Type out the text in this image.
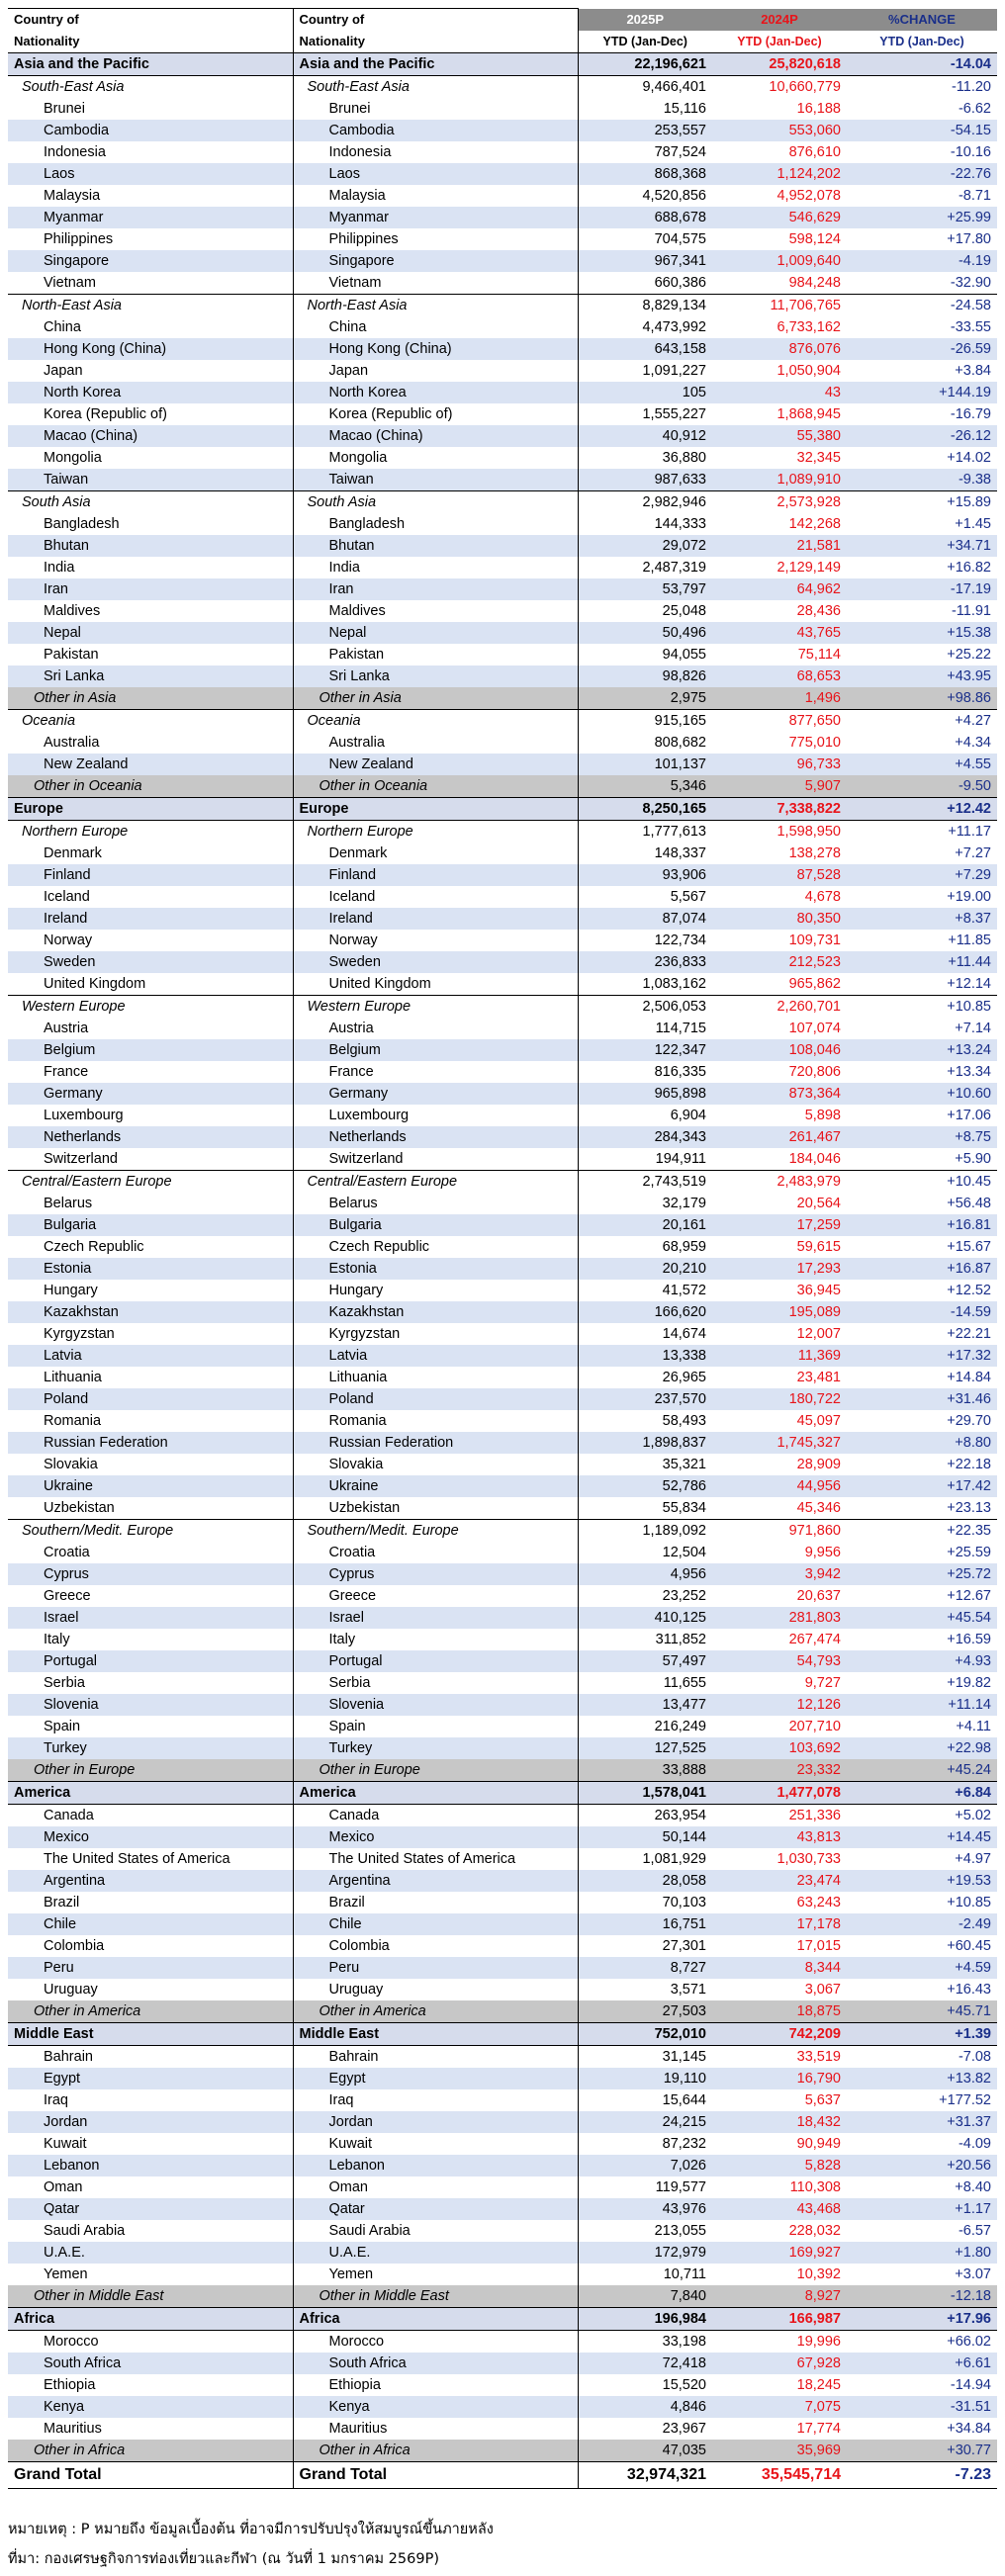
Country of	Country of	2025P	2024P	%CHANGE
Nationality	Nationality	YTD (Jan-Dec)	YTD (Jan-Dec)	YTD (Jan-Dec)
Asia and the Pacific	Asia and the Pacific	22,196,621	25,820,618	-14.04
South-East Asia	South-East Asia	9,466,401	10,660,779	-11.20
Brunei	Brunei	15,116	16,188	-6.62
Cambodia	Cambodia	253,557	553,060	-54.15
Indonesia	Indonesia	787,524	876,610	-10.16
Laos	Laos	868,368	1,124,202	-22.76
Malaysia	Malaysia	4,520,856	4,952,078	-8.71
Myanmar	Myanmar	688,678	546,629	+25.99
Philippines	Philippines	704,575	598,124	+17.80
Singapore	Singapore	967,341	1,009,640	-4.19
Vietnam	Vietnam	660,386	984,248	-32.90
North-East Asia	North-East Asia	8,829,134	11,706,765	-24.58
China	China	4,473,992	6,733,162	-33.55
Hong Kong (China)	Hong Kong (China)	643,158	876,076	-26.59
Japan	Japan	1,091,227	1,050,904	+3.84
North Korea	North Korea	105	43	+144.19
Korea (Republic of)	Korea (Republic of)	1,555,227	1,868,945	-16.79
Macao (China)	Macao (China)	40,912	55,380	-26.12
Mongolia	Mongolia	36,880	32,345	+14.02
Taiwan	Taiwan	987,633	1,089,910	-9.38
South Asia	South Asia	2,982,946	2,573,928	+15.89
Bangladesh	Bangladesh	144,333	142,268	+1.45
Bhutan	Bhutan	29,072	21,581	+34.71
India	India	2,487,319	2,129,149	+16.82
Iran	Iran	53,797	64,962	-17.19
Maldives	Maldives	25,048	28,436	-11.91
Nepal	Nepal	50,496	43,765	+15.38
Pakistan	Pakistan	94,055	75,114	+25.22
Sri Lanka	Sri Lanka	98,826	68,653	+43.95
Other in Asia	Other in Asia	2,975	1,496	+98.86
Oceania	Oceania	915,165	877,650	+4.27
Australia	Australia	808,682	775,010	+4.34
New Zealand	New Zealand	101,137	96,733	+4.55
Other in Oceania	Other in Oceania	5,346	5,907	-9.50
Europe	Europe	8,250,165	7,338,822	+12.42
Northern Europe	Northern Europe	1,777,613	1,598,950	+11.17
Denmark	Denmark	148,337	138,278	+7.27
Finland	Finland	93,906	87,528	+7.29
Iceland	Iceland	5,567	4,678	+19.00
Ireland	Ireland	87,074	80,350	+8.37
Norway	Norway	122,734	109,731	+11.85
Sweden	Sweden	236,833	212,523	+11.44
United Kingdom	United Kingdom	1,083,162	965,862	+12.14
Western Europe	Western Europe	2,506,053	2,260,701	+10.85
Austria	Austria	114,715	107,074	+7.14
Belgium	Belgium	122,347	108,046	+13.24
France	France	816,335	720,806	+13.34
Germany	Germany	965,898	873,364	+10.60
Luxembourg	Luxembourg	6,904	5,898	+17.06
Netherlands	Netherlands	284,343	261,467	+8.75
Switzerland	Switzerland	194,911	184,046	+5.90
Central/Eastern Europe	Central/Eastern Europe	2,743,519	2,483,979	+10.45
Belarus	Belarus	32,179	20,564	+56.48
Bulgaria	Bulgaria	20,161	17,259	+16.81
Czech Republic	Czech Republic	68,959	59,615	+15.67
Estonia	Estonia	20,210	17,293	+16.87
Hungary	Hungary	41,572	36,945	+12.52
Kazakhstan	Kazakhstan	166,620	195,089	-14.59
Kyrgyzstan	Kyrgyzstan	14,674	12,007	+22.21
Latvia	Latvia	13,338	11,369	+17.32
Lithuania	Lithuania	26,965	23,481	+14.84
Poland	Poland	237,570	180,722	+31.46
Romania	Romania	58,493	45,097	+29.70
Russian Federation	Russian Federation	1,898,837	1,745,327	+8.80
Slovakia	Slovakia	35,321	28,909	+22.18
Ukraine	Ukraine	52,786	44,956	+17.42
Uzbekistan	Uzbekistan	55,834	45,346	+23.13
Southern/Medit. Europe	Southern/Medit. Europe	1,189,092	971,860	+22.35
Croatia	Croatia	12,504	9,956	+25.59
Cyprus	Cyprus	4,956	3,942	+25.72
Greece	Greece	23,252	20,637	+12.67
Israel	Israel	410,125	281,803	+45.54
Italy	Italy	311,852	267,474	+16.59
Portugal	Portugal	57,497	54,793	+4.93
Serbia	Serbia	11,655	9,727	+19.82
Slovenia	Slovenia	13,477	12,126	+11.14
Spain	Spain	216,249	207,710	+4.11
Turkey	Turkey	127,525	103,692	+22.98
Other in Europe	Other in Europe	33,888	23,332	+45.24
America	America	1,578,041	1,477,078	+6.84
Canada	Canada	263,954	251,336	+5.02
Mexico	Mexico	50,144	43,813	+14.45
The United States of America	The United States of America	1,081,929	1,030,733	+4.97
Argentina	Argentina	28,058	23,474	+19.53
Brazil	Brazil	70,103	63,243	+10.85
Chile	Chile	16,751	17,178	-2.49
Colombia	Colombia	27,301	17,015	+60.45
Peru	Peru	8,727	8,344	+4.59
Uruguay	Uruguay	3,571	3,067	+16.43
Other in America	Other in America	27,503	18,875	+45.71
Middle East	Middle East	752,010	742,209	+1.39
Bahrain	Bahrain	31,145	33,519	-7.08
Egypt	Egypt	19,110	16,790	+13.82
Iraq	Iraq	15,644	5,637	+177.52
Jordan	Jordan	24,215	18,432	+31.37
Kuwait	Kuwait	87,232	90,949	-4.09
Lebanon	Lebanon	7,026	5,828	+20.56
Oman	Oman	119,577	110,308	+8.40
Qatar	Qatar	43,976	43,468	+1.17
Saudi Arabia	Saudi Arabia	213,055	228,032	-6.57
U.A.E.	U.A.E.	172,979	169,927	+1.80
Yemen	Yemen	10,711	10,392	+3.07
Other in Middle East	Other in Middle East	7,840	8,927	-12.18
Africa	Africa	196,984	166,987	+17.96
Morocco	Morocco	33,198	19,996	+66.02
South Africa	South Africa	72,418	67,928	+6.61
Ethiopia	Ethiopia	15,520	18,245	-14.94
Kenya	Kenya	4,846	7,075	-31.51
Mauritius	Mauritius	23,967	17,774	+34.84
Other in Africa	Other in Africa	47,035	35,969	+30.77
Grand Total	Grand Total	32,974,321	35,545,714	-7.23
หมายเหตุ : P หมายถึง ข้อมูลเบื้องต้น ที่อาจมีการปรับปรุงให้สมบูรณ์ขึ้นภายหลัง
ที่มา: กองเศรษฐกิจการท่องเที่ยวและกีฬา (ณ วันที่ 1 มกราคม 2569P)
